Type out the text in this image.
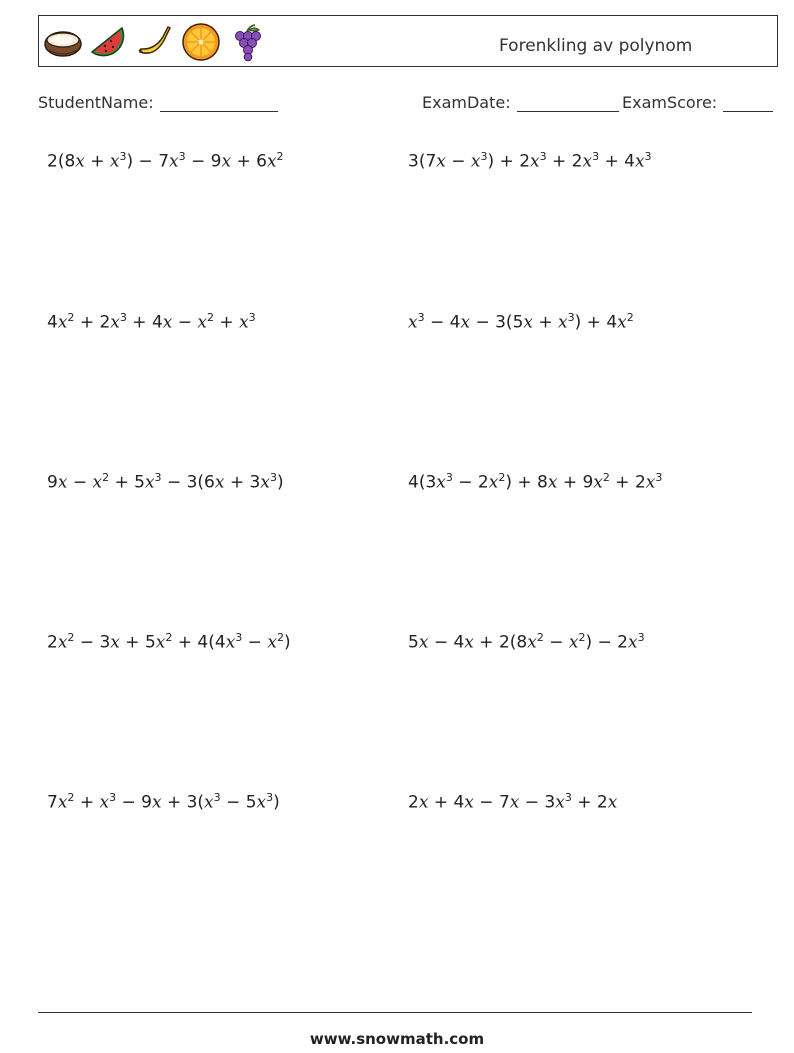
Forenkling av polynom
StudentName:	ExamDate:	ExamScore:
$2(8x + x^3) - 7x^3 - 9x + 6x^2$	$3(7x - x^3) + 2x^3 + 2x^3 + 4x^3$
$4x^2 + 2x^3 + 4x - x^2 + x^3$	$x^3 - 4x - 3(5x + x^3) + 4x^2$
$9x - x^2 + 5x^3 - 3(6x + 3x^3)$	$4(3x^3 - 2x^2) + 8x + 9x^2 + 2x^3$
$2x^2 - 3x + 5x^2 + 4(4x^3 - x^2)$	$5x - 4x + 2(8x^2 - x^2) - 2x^3$
$7x^2 + x^3 - 9x + 3(x^3 - 5x^3)$	$2x + 4x - 7x - 3x^3 + 2x$
www.snowmath.com
